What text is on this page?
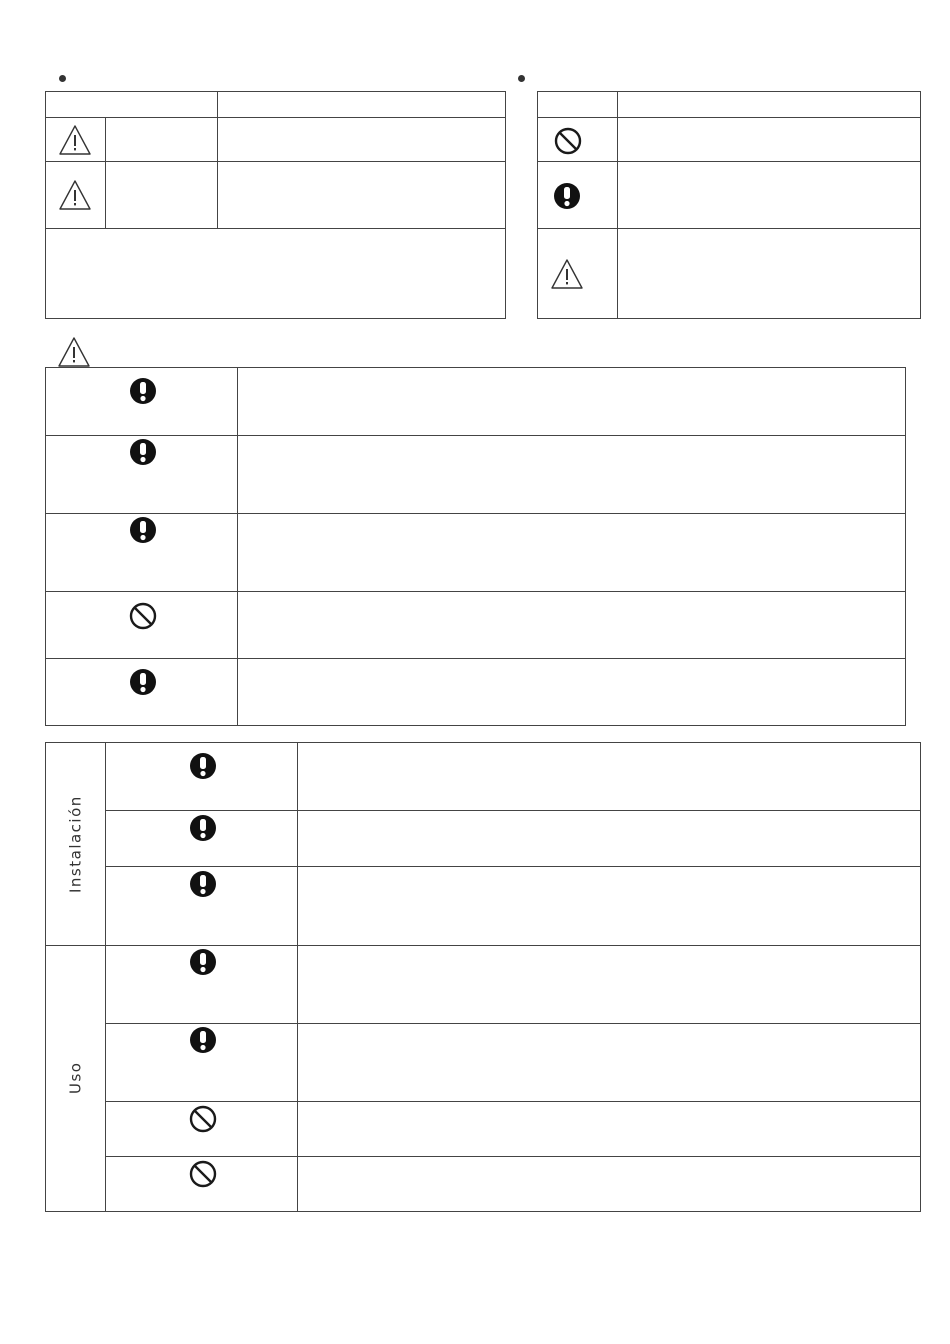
Instalación
Uso
